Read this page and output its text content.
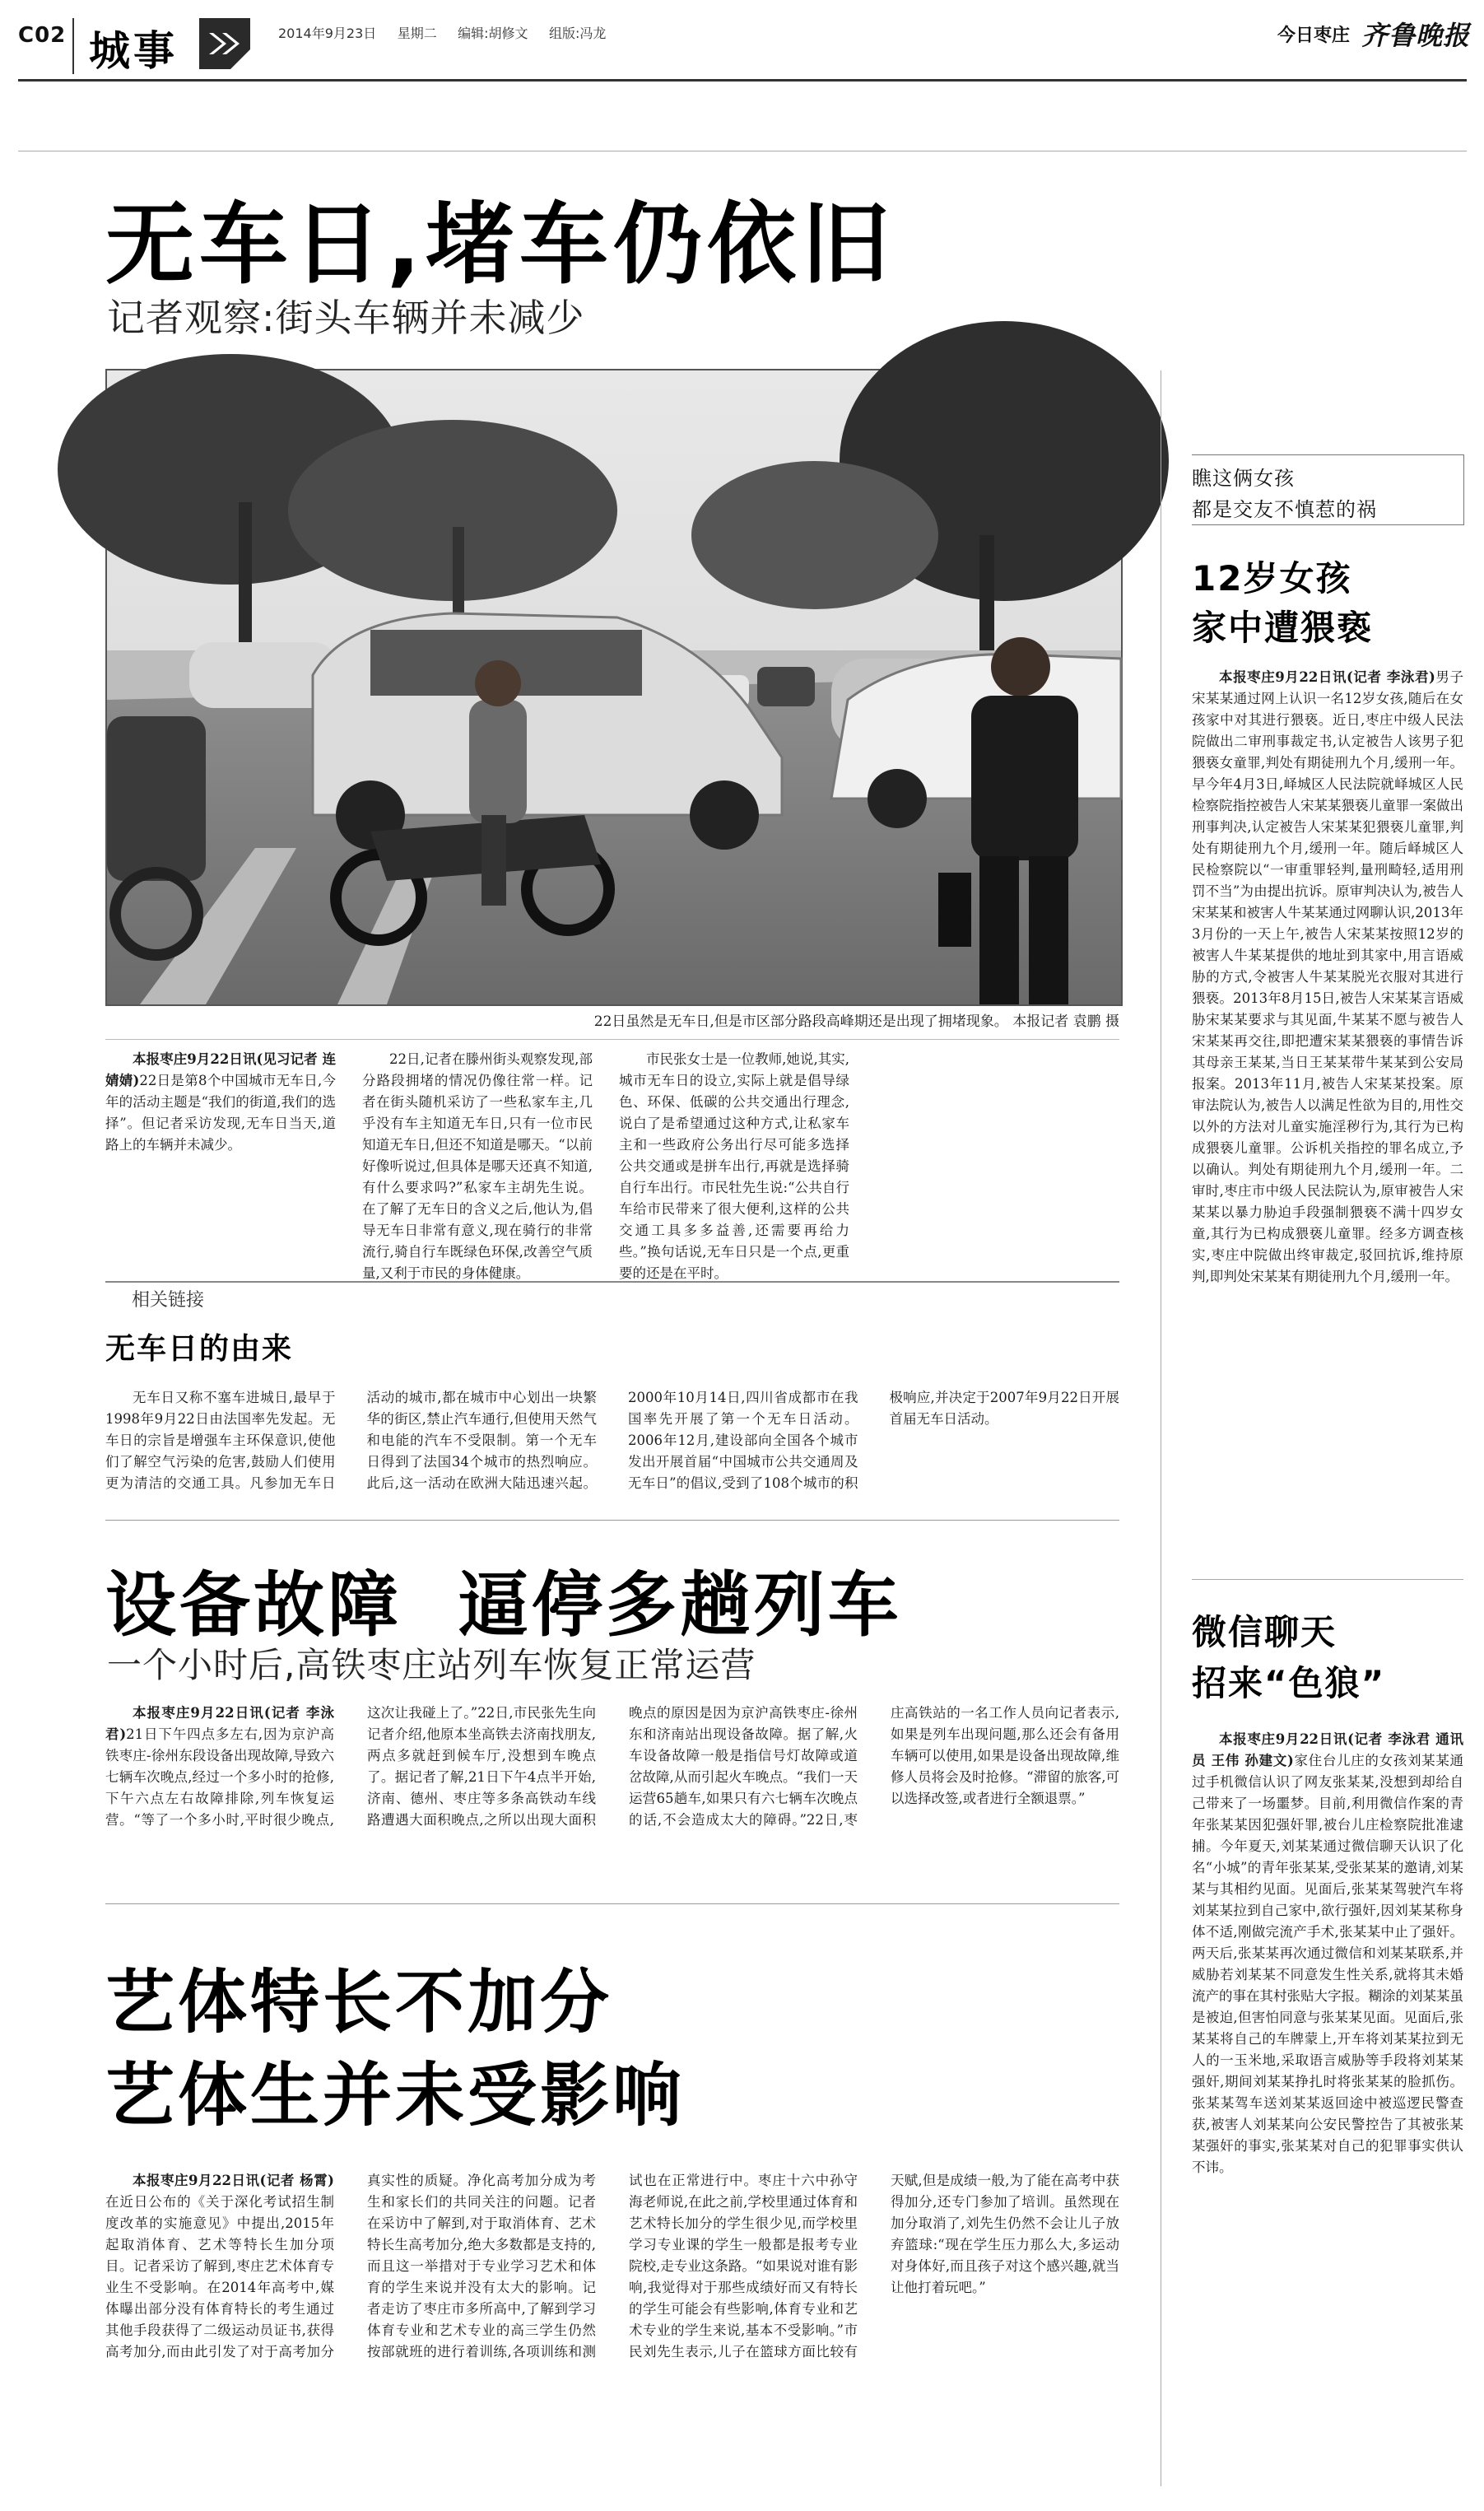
C02 城事	2014年9月23日 星期二 编辑:胡修文 组版:冯龙	今日枣庄 齐鲁晚报
无车日,堵车仍依旧
记者观察:街头车辆并未减少
22日虽然是无车日,但是市区部分路段高峰期还是出现了拥堵现象。 本报记者 袁鹏 摄

本报枣庄9月22日讯(见习记者 连婧婧)22日是第8个中国城市无车日,今年的活动主题是“我们的街道,我们的选择”。但记者采访发现,无车日当天,道路上的车辆并未减少。

22日,记者在滕州街头观察发现,部分路段拥堵的情况仍像往常一样。记者在街头随机采访了一些私家车主,几乎没有车主知道无车日,只有一位市民知道无车日,但还不知道是哪天。“以前好像听说过,但具体是哪天还真不知道,有什么要求吗?”私家车主胡先生说。在了解了无车日的含义之后,他认为,倡导无车日非常有意义,现在骑行的非常流行,骑自行车既绿色环保,改善空气质量,又利于市民的身体健康。

市民张女士是一位教师,她说,其实,城市无车日的设立,实际上就是倡导绿色、环保、低碳的公共交通出行理念,说白了是希望通过这种方式,让私家车主和一些政府公务出行尽可能多选择公共交通或是拼车出行,再就是选择骑自行车出行。市民牡先生说:“公共自行车给市民带来了很大便利,这样的公共交通工具多多益善,还需要再给力些。”换句话说,无车日只是一个点,更重要的还是在平时。

相关链接
无车日的由来

无车日又称不塞车进城日,最早于1998年9月22日由法国率先发起。无车日的宗旨是增强车主环保意识,使他们了解空气污染的危害,鼓励人们使用更为清洁的交通工具。凡参加无车日活动的城市,都在城市中心划出一块繁华的街区,禁止汽车通行,但使用天然气和电能的汽车不受限制。第一个无车日得到了法国34个城市的热烈响应。此后,这一活动在欧洲大陆迅速兴起。2000年10月14日,四川省成都市在我国率先开展了第一个无车日活动。2006年12月,建设部向全国各个城市发出开展首届“中国城市公共交通周及无车日”的倡议,受到了108个城市的积极响应,并决定于2007年9月22日开展首届无车日活动。

设备故障  逼停多趟列车
一个小时后,高铁枣庄站列车恢复正常运营

本报枣庄9月22日讯(记者 李泳君)21日下午四点多左右,因为京沪高铁枣庄-徐州东段设备出现故障,导致六七辆车次晚点,经过一个多小时的抢修,下午六点左右故障排除,列车恢复运营。“等了一个多小时,平时很少晚点,这次让我碰上了。”22日,市民张先生向记者介绍,他原本坐高铁去济南找朋友,两点多就赶到候车厅,没想到车晚点了。据记者了解,21日下午4点半开始,济南、德州、枣庄等多条高铁动车线路遭遇大面积晚点,之所以出现大面积晚点的原因是因为京沪高铁枣庄-徐州东和济南站出现设备故障。据了解,火车设备故障一般是指信号灯故障或道岔故障,从而引起火车晚点。“我们一天运营65趟车,如果只有六七辆车次晚点的话,不会造成太大的障碍。”22日,枣庄高铁站的一名工作人员向记者表示,如果是列车出现问题,那么还会有备用车辆可以使用,如果是设备出现故障,维修人员将会及时抢修。“滞留的旅客,可以选择改签,或者进行全额退票。”

艺体特长不加分
艺体生并未受影响

本报枣庄9月22日讯(记者 杨霄)在近日公布的《关于深化考试招生制度改革的实施意见》中提出,2015年起取消体育、艺术等特长生加分项目。记者采访了解到,枣庄艺术体育专业生不受影响。在2014年高考中,媒体曝出部分没有体育特长的考生通过其他手段获得了二级运动员证书,获得高考加分,而由此引发了对于高考加分真实性的质疑。净化高考加分成为考生和家长们的共同关注的问题。记者在采访中了解到,对于取消体育、艺术特长生高考加分,绝大多数都是支持的,而且这一举措对于专业学习艺术和体育的学生来说并没有太大的影响。记者走访了枣庄市多所高中,了解到学习体育专业和艺术专业的高三学生仍然按部就班的进行着训练,各项训练和测试也在正常进行中。枣庄十六中孙守海老师说,在此之前,学校里通过体育和艺术特长加分的学生很少见,而学校里学习专业课的学生一般都是报考专业院校,走专业这条路。“如果说对谁有影响,我觉得对于那些成绩好而又有特长的学生可能会有些影响,体育专业和艺术专业的学生来说,基本不受影响。”市民刘先生表示,儿子在篮球方面比较有天赋,但是成绩一般,为了能在高考中获得加分,还专门参加了培训。虽然现在加分取消了,刘先生仍然不会让儿子放弃篮球:“现在学生压力那么大,多运动对身体好,而且孩子对这个感兴趣,就当让他打着玩吧。”

瞧这俩女孩
都是交友不慎惹的祸
12岁女孩
家中遭猥亵

本报枣庄9月22日讯(记者 李泳君)男子宋某某通过网上认识一名12岁女孩,随后在女孩家中对其进行猥亵。近日,枣庄中级人民法院做出二审刑事裁定书,认定被告人该男子犯猥亵女童罪,判处有期徒刑九个月,缓刑一年。早今年4月3日,峄城区人民法院就峄城区人民检察院指控被告人宋某某猥亵儿童罪一案做出刑事判决,认定被告人宋某某犯猥亵儿童罪,判处有期徒刑九个月,缓刑一年。随后峄城区人民检察院以“一审重罪轻判,量刑畸轻,适用刑罚不当”为由提出抗诉。原审判决认为,被告人宋某某和被害人牛某某通过网聊认识,2013年3月份的一天上午,被告人宋某某按照12岁的被害人牛某某提供的地址到其家中,用言语威胁的方式,令被害人牛某某脱光衣服对其进行猥亵。2013年8月15日,被告人宋某某言语威胁宋某某要求与其见面,牛某某不愿与被告人宋某某再交往,即把遭宋某某猥亵的事情告诉其母亲王某某,当日王某某带牛某某到公安局报案。2013年11月,被告人宋某某投案。原审法院认为,被告人以满足性欲为目的,用性交以外的方法对儿童实施淫秽行为,其行为已构成猥亵儿童罪。公诉机关指控的罪名成立,予以确认。判处有期徒刑九个月,缓刑一年。二审时,枣庄市中级人民法院认为,原审被告人宋某某以暴力胁迫手段强制猥亵不满十四岁女童,其行为已构成猥亵儿童罪。经多方调查核实,枣庄中院做出终审裁定,驳回抗诉,维持原判,即判处宋某某有期徒刑九个月,缓刑一年。

微信聊天
招来“色狼”

本报枣庄9月22日讯(记者 李泳君 通讯员 王伟 孙建文)家住台儿庄的女孩刘某某通过手机微信认识了网友张某某,没想到却给自己带来了一场噩梦。目前,利用微信作案的青年张某某因犯强奸罪,被台儿庄检察院批准逮捕。今年夏天,刘某某通过微信聊天认识了化名“小城”的青年张某某,受张某某的邀请,刘某某与其相约见面。见面后,张某某驾驶汽车将刘某某拉到自己家中,欲行强奸,因刘某某称身体不适,刚做完流产手术,张某某中止了强奸。两天后,张某某再次通过微信和刘某某联系,并威胁若刘某某不同意发生性关系,就将其未婚流产的事在其村张贴大字报。糊涂的刘某某虽是被迫,但害怕同意与张某某见面。见面后,张某某将自己的车牌蒙上,开车将刘某某拉到无人的一玉米地,采取语言威胁等手段将刘某某强奸,期间刘某某挣扎时将张某某的脸抓伤。张某某驾车送刘某某返回途中被巡逻民警查获,被害人刘某某向公安民警控告了其被张某某强奸的事实,张某某对自己的犯罪事实供认不讳。
